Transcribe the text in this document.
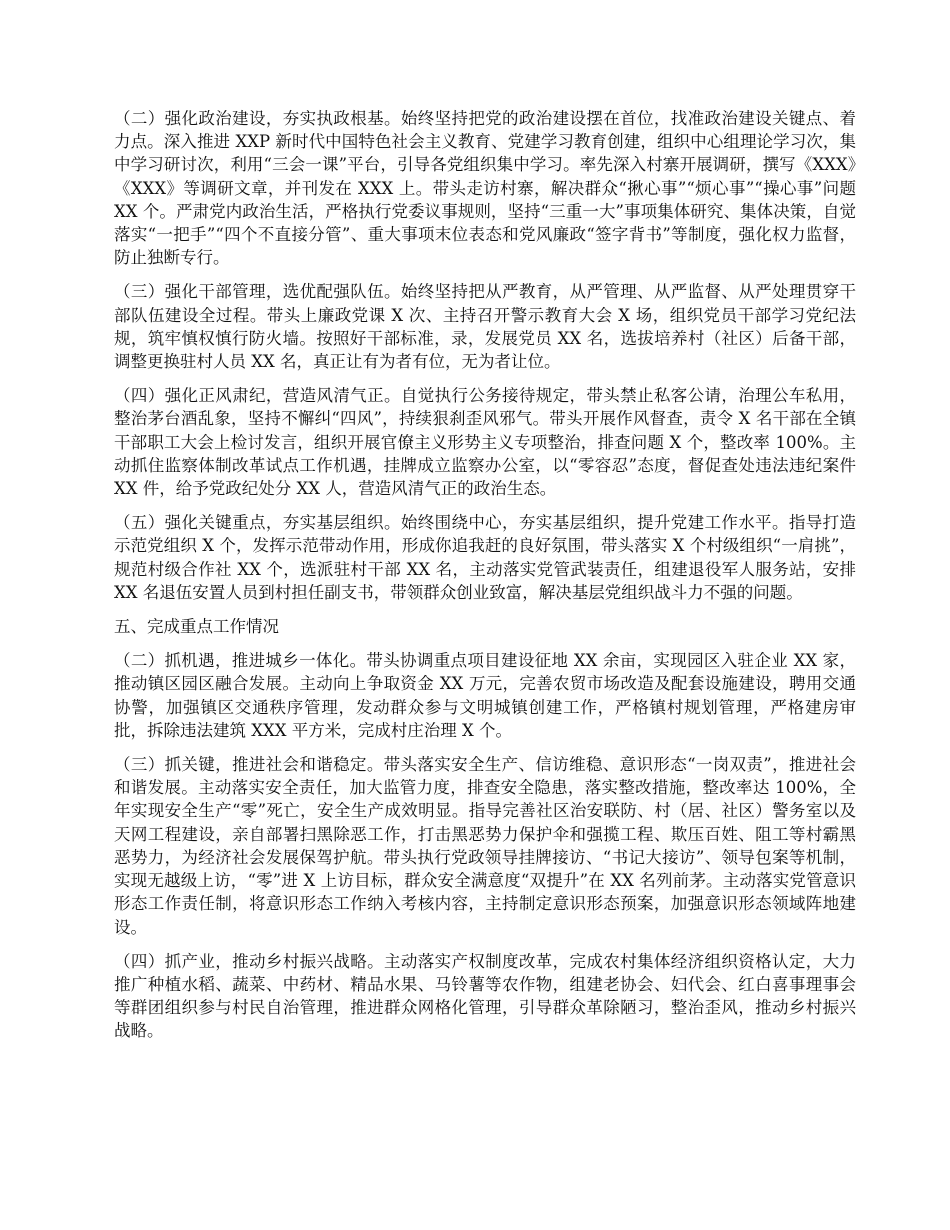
（二）强化政治建设，夯实执政根基。始终坚持把党的政治建设摆在首位，找准政治建设关键点、着力点。深入推进 XXP 新时代中国特色社会主义教育、党建学习教育创建，组织中心组理论学习次，集中学习研讨次，利用“三会一课”平台，引导各党组织集中学习。率先深入村寨开展调研，撰写《XXX》《XXX》等调研文章，并刊发在 XXX 上。带头走访村寨，解决群众“揪心事”“烦心事”“操心事”问题 XX 个。严肃党内政治生活，严格执行党委议事规则，坚持“三重一大”事项集体研究、集体决策，自觉落实“一把手”“四个不直接分管”、重大事项末位表态和党风廉政“签字背书”等制度，强化权力监督，防止独断专行。

（三）强化干部管理，选优配强队伍。始终坚持把从严教育，从严管理、从严监督、从严处理贯穿干部队伍建设全过程。带头上廉政党课 X 次、主持召开警示教育大会 X 场，组织党员干部学习党纪法规，筑牢慎权慎行防火墙。按照好干部标准，录，发展党员 XX 名，选拔培养村（社区）后备干部，调整更换驻村人员 XX 名，真正让有为者有位，无为者让位。

（四）强化正风肃纪，营造风清气正。自觉执行公务接待规定，带头禁止私客公请，治理公车私用，整治茅台酒乱象，坚持不懈纠“四风”，持续狠刹歪风邪气。带头开展作风督查，责令 X 名干部在全镇干部职工大会上检讨发言，组织开展官僚主义形势主义专项整治，排查问题 X 个，整改率 100%。主动抓住监察体制改革试点工作机遇，挂牌成立监察办公室，以“零容忍”态度，督促查处违法违纪案件 XX 件，给予党政纪处分 XX 人，营造风清气正的政治生态。

（五）强化关键重点，夯实基层组织。始终围绕中心，夯实基层组织，提升党建工作水平。指导打造示范党组织 X 个，发挥示范带动作用，形成你追我赶的良好氛围，带头落实 X 个村级组织“一肩挑”，规范村级合作社 XX 个，选派驻村干部 XX 名，主动落实党管武装责任，组建退役军人服务站，安排 XX 名退伍安置人员到村担任副支书，带领群众创业致富，解决基层党组织战斗力不强的问题。

五、完成重点工作情况

（二）抓机遇，推进城乡一体化。带头协调重点项目建设征地 XX 余亩，实现园区入驻企业 XX 家，推动镇区园区融合发展。主动向上争取资金 XX 万元，完善农贸市场改造及配套设施建设，聘用交通协警，加强镇区交通秩序管理，发动群众参与文明城镇创建工作，严格镇村规划管理，严格建房审批，拆除违法建筑 XXX 平方米，完成村庄治理 X 个。

（三）抓关键，推进社会和谐稳定。带头落实安全生产、信访维稳、意识形态“一岗双责”，推进社会和谐发展。主动落实安全责任，加大监管力度，排查安全隐患，落实整改措施，整改率达 100%，全年实现安全生产“零”死亡，安全生产成效明显。指导完善社区治安联防、村（居、社区）警务室以及天网工程建设，亲自部署扫黑除恶工作，打击黑恶势力保护伞和强揽工程、欺压百姓、阻工等村霸黑恶势力，为经济社会发展保驾护航。带头执行党政领导挂牌接访、“书记大接访”、领导包案等机制，实现无越级上访，“零”进 X 上访目标，群众安全满意度“双提升”在 XX 名列前茅。主动落实党管意识形态工作责任制，将意识形态工作纳入考核内容，主持制定意识形态预案，加强意识形态领域阵地建设。

（四）抓产业，推动乡村振兴战略。主动落实产权制度改革，完成农村集体经济组织资格认定，大力推广种植水稻、蔬菜、中药材、精品水果、马铃薯等农作物，组建老协会、妇代会、红白喜事理事会等群团组织参与村民自治管理，推进群众网格化管理，引导群众革除陋习，整治歪风，推动乡村振兴战略。
